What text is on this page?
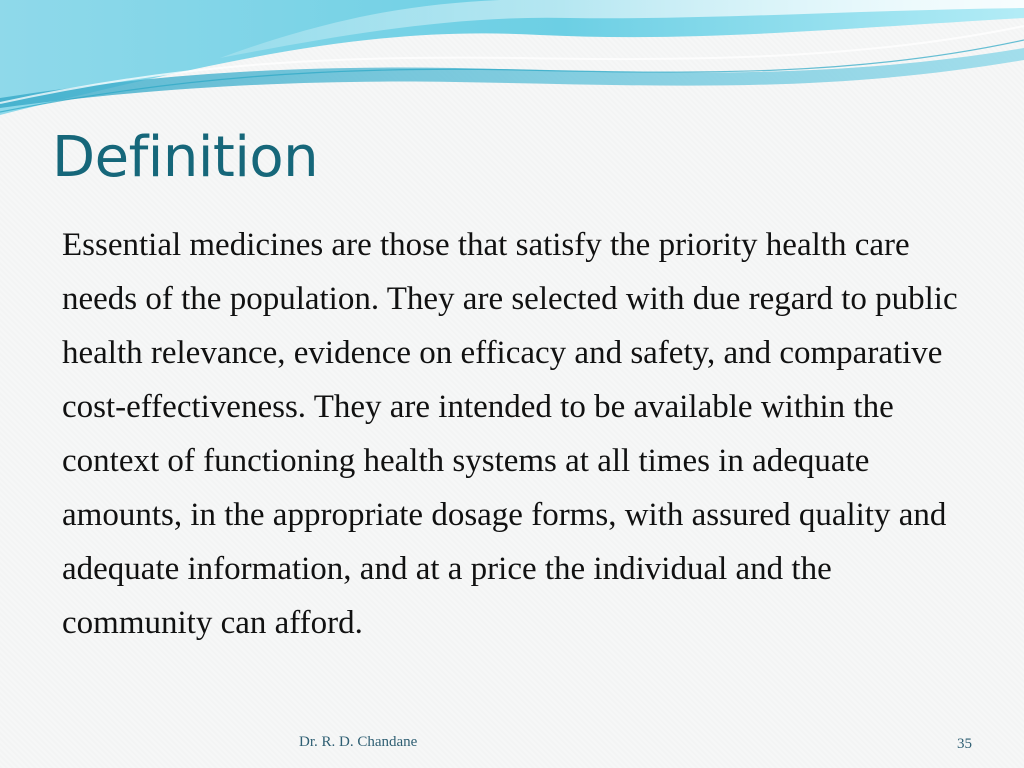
Definition

Essential medicines are those that satisfy the priority health care needs of the population. They are selected with due regard to public health relevance, evidence on efficacy and safety, and comparative cost-effectiveness. They are intended to be available within the context of functioning health systems at all times in adequate amounts, in the appropriate dosage forms, with assured quality and adequate information, and at a price the individual and the community can afford.

Dr. R. D. Chandane	35
